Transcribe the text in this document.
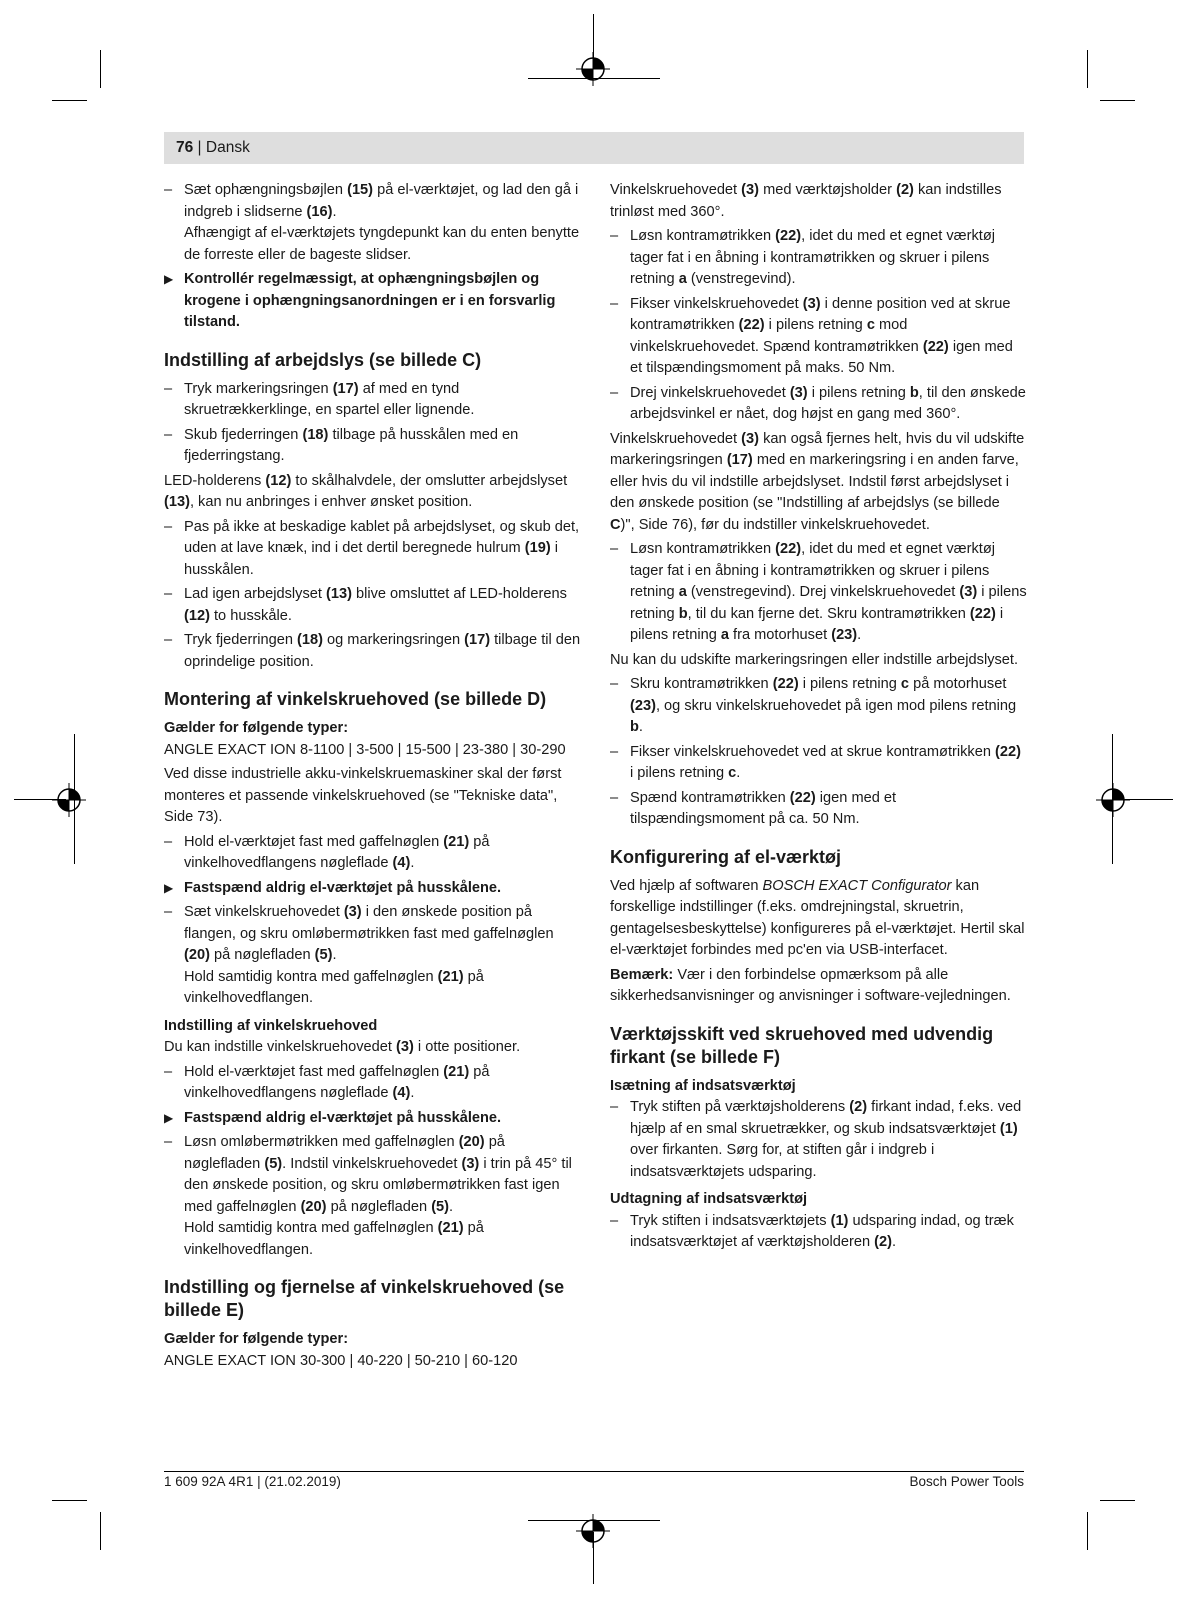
76 | Dansk
– Sæt ophængningsbøjlen (15) på el-værktøjet, og lad den gå i indgreb i slidserne (16).
Afhængigt af el-værktøjets tyngdepunkt kan du enten benytte de forreste eller de bageste slidser.
▶ Kontrollér regelmæssigt, at ophængningsbøjlen og krogene i ophængningsanordningen er i en forsvarlig tilstand.
Indstilling af arbejdslys (se billede C)
– Tryk markeringsringen (17) af med en tynd skruetrækkerklinge, en spartel eller lignende.
– Skub fjederringen (18) tilbage på husskålen med en fjederringstang.

LED-holderens (12) to skålhalvdele, der omslutter arbejdslyset (13), kan nu anbringes i enhver ønsket position.

– Pas på ikke at beskadige kablet på arbejdslyset, og skub det, uden at lave knæk, ind i det dertil beregnede hulrum (19) i husskålen.
– Lad igen arbejdslyset (13) blive omsluttet af LED-holderens (12) to husskåle.
– Tryk fjederringen (18) og markeringsringen (17) tilbage til den oprindelige position.
Montering af vinkelskruehoved (se billede D)
Gælder for følgende typer:

ANGLE EXACT ION 8-1100 | 3-500 | 15-500 | 23-380 | 30-290

Ved disse industrielle akku-vinkelskruemaskiner skal der først monteres et passende vinkelskruehoved (se "Tekniske data", Side 73).

– Hold el-værktøjet fast med gaffelnøglen (21) på vinkelhovedflangens nøgleflade (4).
▶ Fastspænd aldrig el-værktøjet på husskålene.
– Sæt vinkelskruehovedet (3) i den ønskede position på flangen, og skru omløbermøtrikken fast med gaffelnøglen (20) på nøglefladen (5).
Hold samtidig kontra med gaffelnøglen (21) på vinkelhovedflangen.
Indstilling af vinkelskruehoved

Du kan indstille vinkelskruehovedet (3) i otte positioner.

– Hold el-værktøjet fast med gaffelnøglen (21) på vinkelhovedflangens nøgleflade (4).
▶ Fastspænd aldrig el-værktøjet på husskålene.
– Løsn omløbermøtrikken med gaffelnøglen (20) på nøglefladen (5). Indstil vinkelskruehovedet (3) i trin på 45° til den ønskede position, og skru omløbermøtrikken fast igen med gaffelnøglen (20) på nøglefladen (5).
Hold samtidig kontra med gaffelnøglen (21) på vinkelhovedflangen.
Indstilling og fjernelse af vinkelskruehoved (se billede E)
Gælder for følgende typer:

ANGLE EXACT ION 30-300 | 40-220 | 50-210 | 60-120

Vinkelskruehovedet (3) med værktøjsholder (2) kan indstilles trinløst med 360°.

– Løsn kontramøtrikken (22), idet du med et egnet værktøj tager fat i en åbning i kontramøtrikken og skruer i pilens retning a (venstregevind).
– Fikser vinkelskruehovedet (3) i denne position ved at skrue kontramøtrikken (22) i pilens retning c mod vinkelskruehovedet. Spænd kontramøtrikken (22) igen med et tilspændingsmoment på maks. 50 Nm.
– Drej vinkelskruehovedet (3) i pilens retning b, til den ønskede arbejdsvinkel er nået, dog højst en gang med 360°.

Vinkelskruehovedet (3) kan også fjernes helt, hvis du vil udskifte markeringsringen (17) med en markeringsring i en anden farve, eller hvis du vil indstille arbejdslyset. Indstil først arbejdslyset i den ønskede position (se "Indstilling af arbejdslys (se billede C)", Side 76), før du indstiller vinkelskruehovedet.

– Løsn kontramøtrikken (22), idet du med et egnet værktøj tager fat i en åbning i kontramøtrikken og skruer i pilens retning a (venstregevind). Drej vinkelskruehovedet (3) i pilens retning b, til du kan fjerne det. Skru kontramøtrikken (22) i pilens retning a fra motorhuset (23).

Nu kan du udskifte markeringsringen eller indstille arbejdslyset.

– Skru kontramøtrikken (22) i pilens retning c på motorhuset (23), og skru vinkelskruehovedet på igen mod pilens retning b.
– Fikser vinkelskruehovedet ved at skrue kontramøtrikken (22) i pilens retning c.
– Spænd kontramøtrikken (22) igen med et tilspændingsmoment på ca. 50 Nm.
Konfigurering af el-værktøj

Ved hjælp af softwaren BOSCH EXACT Configurator kan forskellige indstillinger (f.eks. omdrejningstal, skruetrin, gentagelsesbeskyttelse) konfigureres på el-værktøjet. Hertil skal el-værktøjet forbindes med pc'en via USB-interfacet.

Bemærk: Vær i den forbindelse opmærksom på alle sikkerhedsanvisninger og anvisninger i software-vejledningen.

Værktøjsskift ved skruehoved med udvendig firkant (se billede F)
Isætning af indsatsværktøj
– Tryk stiften på værktøjsholderens (2) firkant indad, f.eks. ved hjælp af en smal skruetrækker, og skub indsatsværktøjet (1) over firkanten. Sørg for, at stiften går i indgreb i indsatsværktøjets udsparing.
Udtagning af indsatsværktøj
– Tryk stiften i indsatsværktøjets (1) udsparing indad, og træk indsatsværktøjet af værktøjsholderen (2).
1 609 92A 4R1 | (21.02.2019)	Bosch Power Tools
